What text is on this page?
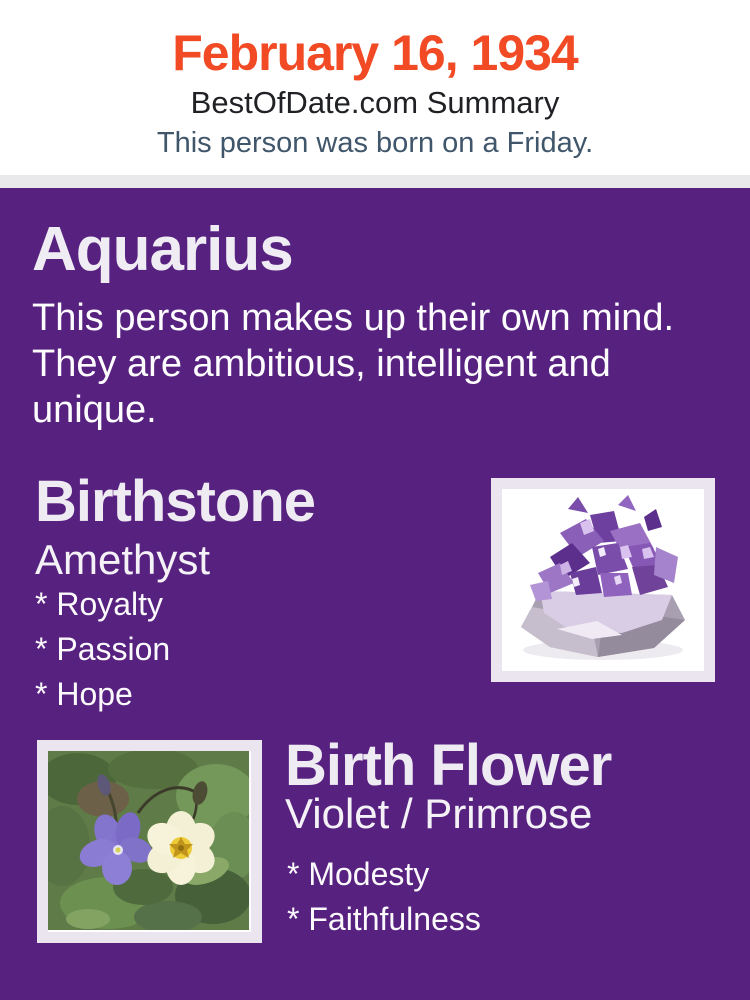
February 16, 1934
BestOfDate.com Summary
This person was born on a Friday.
Aquarius

This person makes up their own mind. They are ambitious, intelligent and unique.

Birthstone
Amethyst
* Royalty
* Passion
* Hope
Birth Flower
Violet / Primrose
* Modesty
* Faithfulness
